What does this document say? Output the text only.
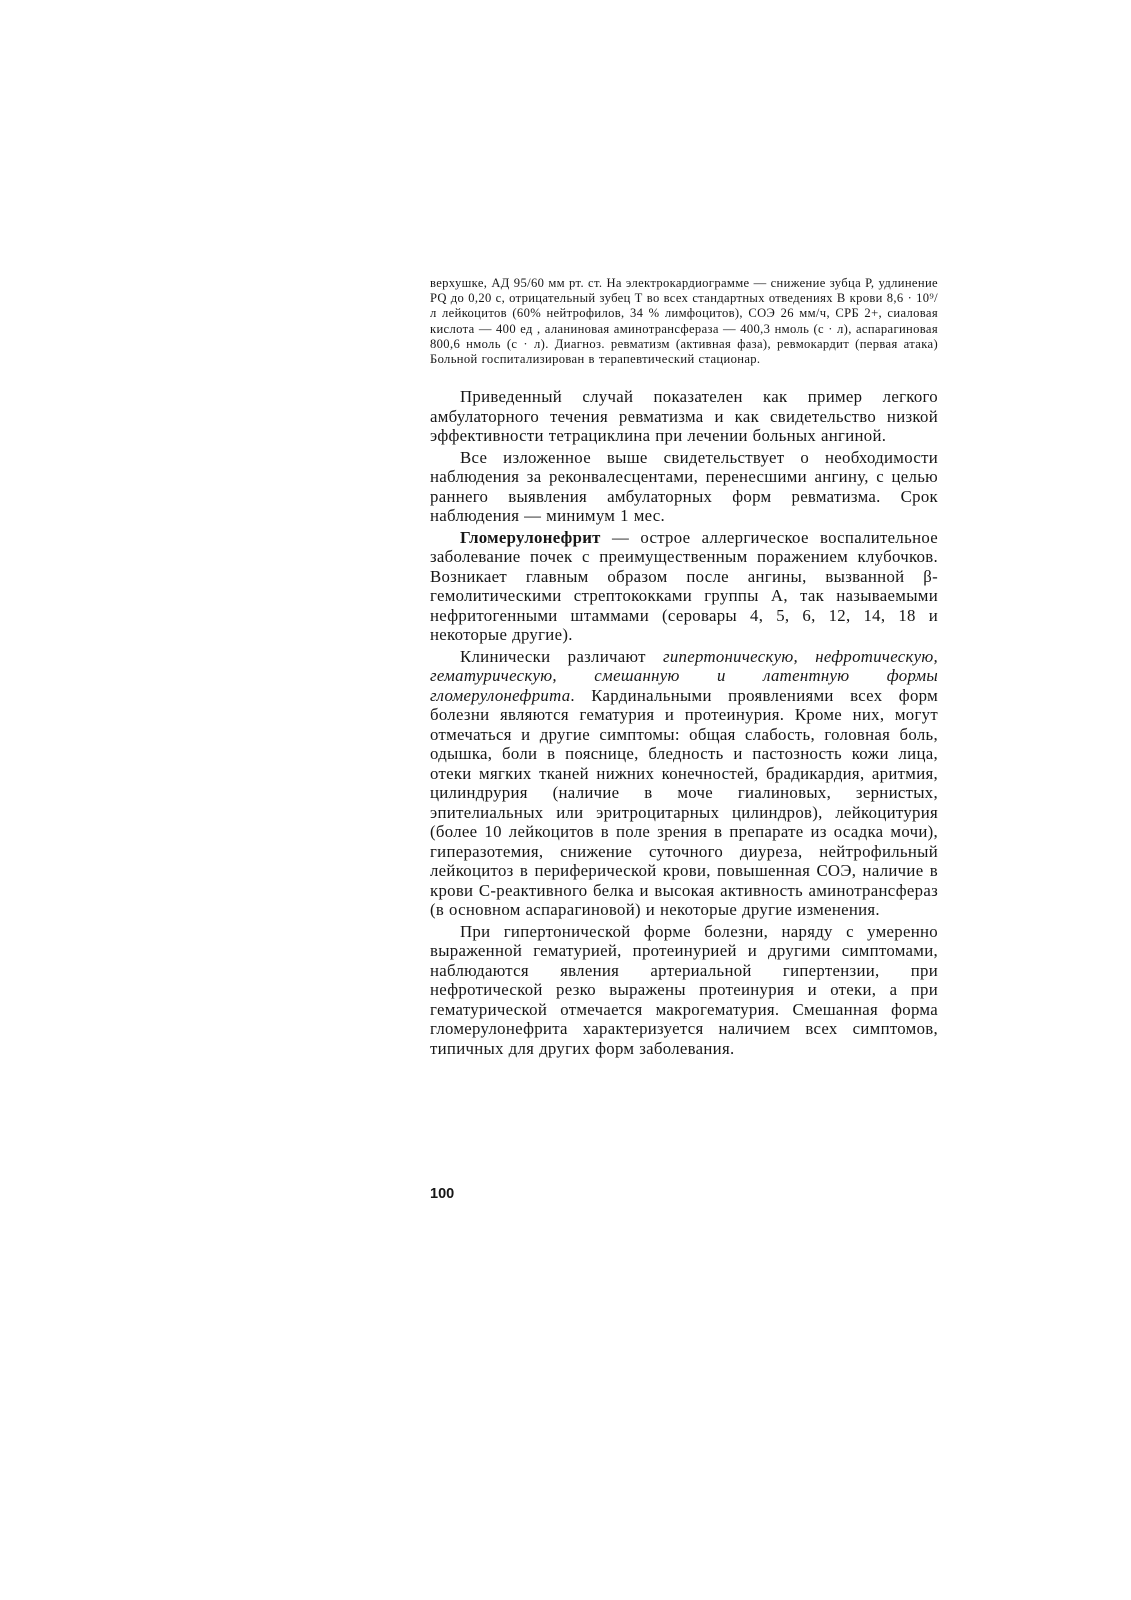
верхушке, АД 95/60 мм рт. ст. На электрокардиограмме — снижение зубца Р, удлинение PQ до 0,20 с, отрицательный зубец Т во всех стандартных отведениях В крови 8,6 · 10⁹/л лейкоцитов (60% нейтрофилов, 34 % лимфоцитов), СОЭ 26 мм/ч, СРБ 2+, сиаловая кислота — 400 ед , аланиновая аминотрансфераза — 400,3 нмоль (с · л), аспарагиновая 800,6 нмоль (с · л). Диагноз. ревматизм (активная фаза), ревмокардит (первая атака) Больной госпитализирован в терапевтический стационар.

Приведенный случай показателен как пример легкого амбулаторного течения ревматизма и как свидетельство низкой эффективности тетрациклина при лечении больных ангиной.

Все изложенное выше свидетельствует о необходимости наблюдения за реконвалесцентами, перенесшими ангину, с целью раннего выявления амбулаторных форм ревматизма. Срок наблюдения — минимум 1 мес.

Гломерулонефрит — острое аллергическое воспалительное заболевание почек с преимущественным поражением клубочков. Возникает главным образом после ангины, вызванной β-гемолитическими стрептококками группы А, так называемыми нефритогенными штаммами (серовары 4, 5, 6, 12, 14, 18 и некоторые другие).

Клинически различают гипертоническую, нефротическую, гематурическую, смешанную и латентную формы гломерулонефрита. Кардинальными проявлениями всех форм болезни являются гематурия и протеинурия. Кроме них, могут отмечаться и другие симптомы: общая слабость, головная боль, одышка, боли в пояснице, бледность и пастозность кожи лица, отеки мягких тканей нижних конечностей, брадикардия, аритмия, цилиндрурия (наличие в моче гиалиновых, зернистых, эпителиальных или эритроцитарных цилиндров), лейкоцитурия (более 10 лейкоцитов в поле зрения в препарате из осадка мочи), гиперазотемия, снижение суточного диуреза, нейтрофильный лейкоцитоз в периферической крови, повышенная СОЭ, наличие в крови С-реактивного белка и высокая активность аминотрансфераз (в основном аспарагиновой) и некоторые другие изменения.

При гипертонической форме болезни, наряду с умеренно выраженной гематурией, протеинурией и другими симптомами, наблюдаются явления артериальной гипертензии, при нефротической резко выражены протеинурия и отеки, а при гематурической отмечается макрогематурия. Смешанная форма гломерулонефрита характеризуется наличием всех симптомов, типичных для других форм заболевания.

100
